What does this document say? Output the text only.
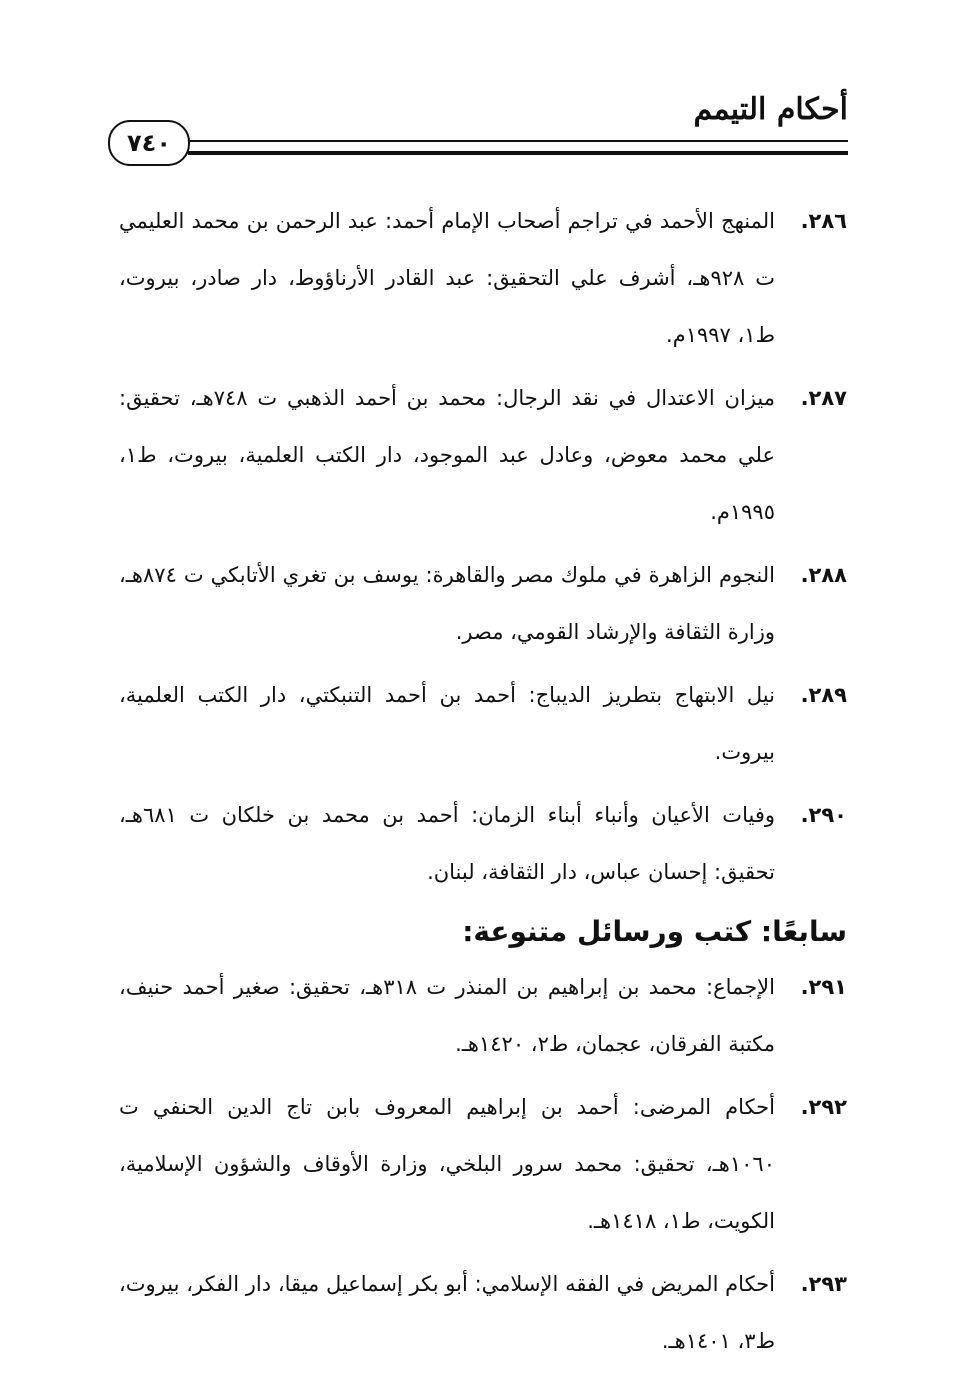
أحكام التيمم
٧٤٠
٢٨٦.
المنهج الأحمد في تراجم أصحاب الإمام أحمد: عبد الرحمن بن محمد العليمي ت ٩٢٨هـ، أشرف علي التحقيق: عبد القادر الأرناؤوط، دار صادر، بيروت، ط١، ١٩٩٧م.
٢٨٧.
ميزان الاعتدال في نقد الرجال: محمد بن أحمد الذهبي ت ٧٤٨هـ، تحقيق: علي محمد معوض، وعادل عبد الموجود، دار الكتب العلمية، بيروت، ط١، ١٩٩٥م.
٢٨٨.
النجوم الزاهرة في ملوك مصر والقاهرة: يوسف بن تغري الأتابكي ت ٨٧٤هـ، وزارة الثقافة والإرشاد القومي، مصر.
٢٨٩.
نيل الابتهاج بتطريز الديباج: أحمد بن أحمد التنبكتي، دار الكتب العلمية، بيروت.
٢٩٠.
وفيات الأعيان وأنباء أبناء الزمان: أحمد بن محمد بن خلكان ت ٦٨١هـ، تحقيق: إحسان عباس، دار الثقافة، لبنان.
سابعًا: كتب ورسائل متنوعة:
٢٩١.
الإجماع: محمد بن إبراهيم بن المنذر ت ٣١٨هـ، تحقيق: صغير أحمد حنيف، مكتبة الفرقان، عجمان، ط٢، ١٤٢٠هـ.
٢٩٢.
أحكام المرضى: أحمد بن إبراهيم المعروف بابن تاج الدين الحنفي ت ١٠٦٠هـ، تحقيق: محمد سرور البلخي، وزارة الأوقاف والشؤون الإسلامية، الكويت، ط١، ١٤١٨هـ.
٢٩٣.
أحكام المريض في الفقه الإسلامي: أبو بكر إسماعيل ميقا، دار الفكر، بيروت، ط٣، ١٤٠١هـ.
